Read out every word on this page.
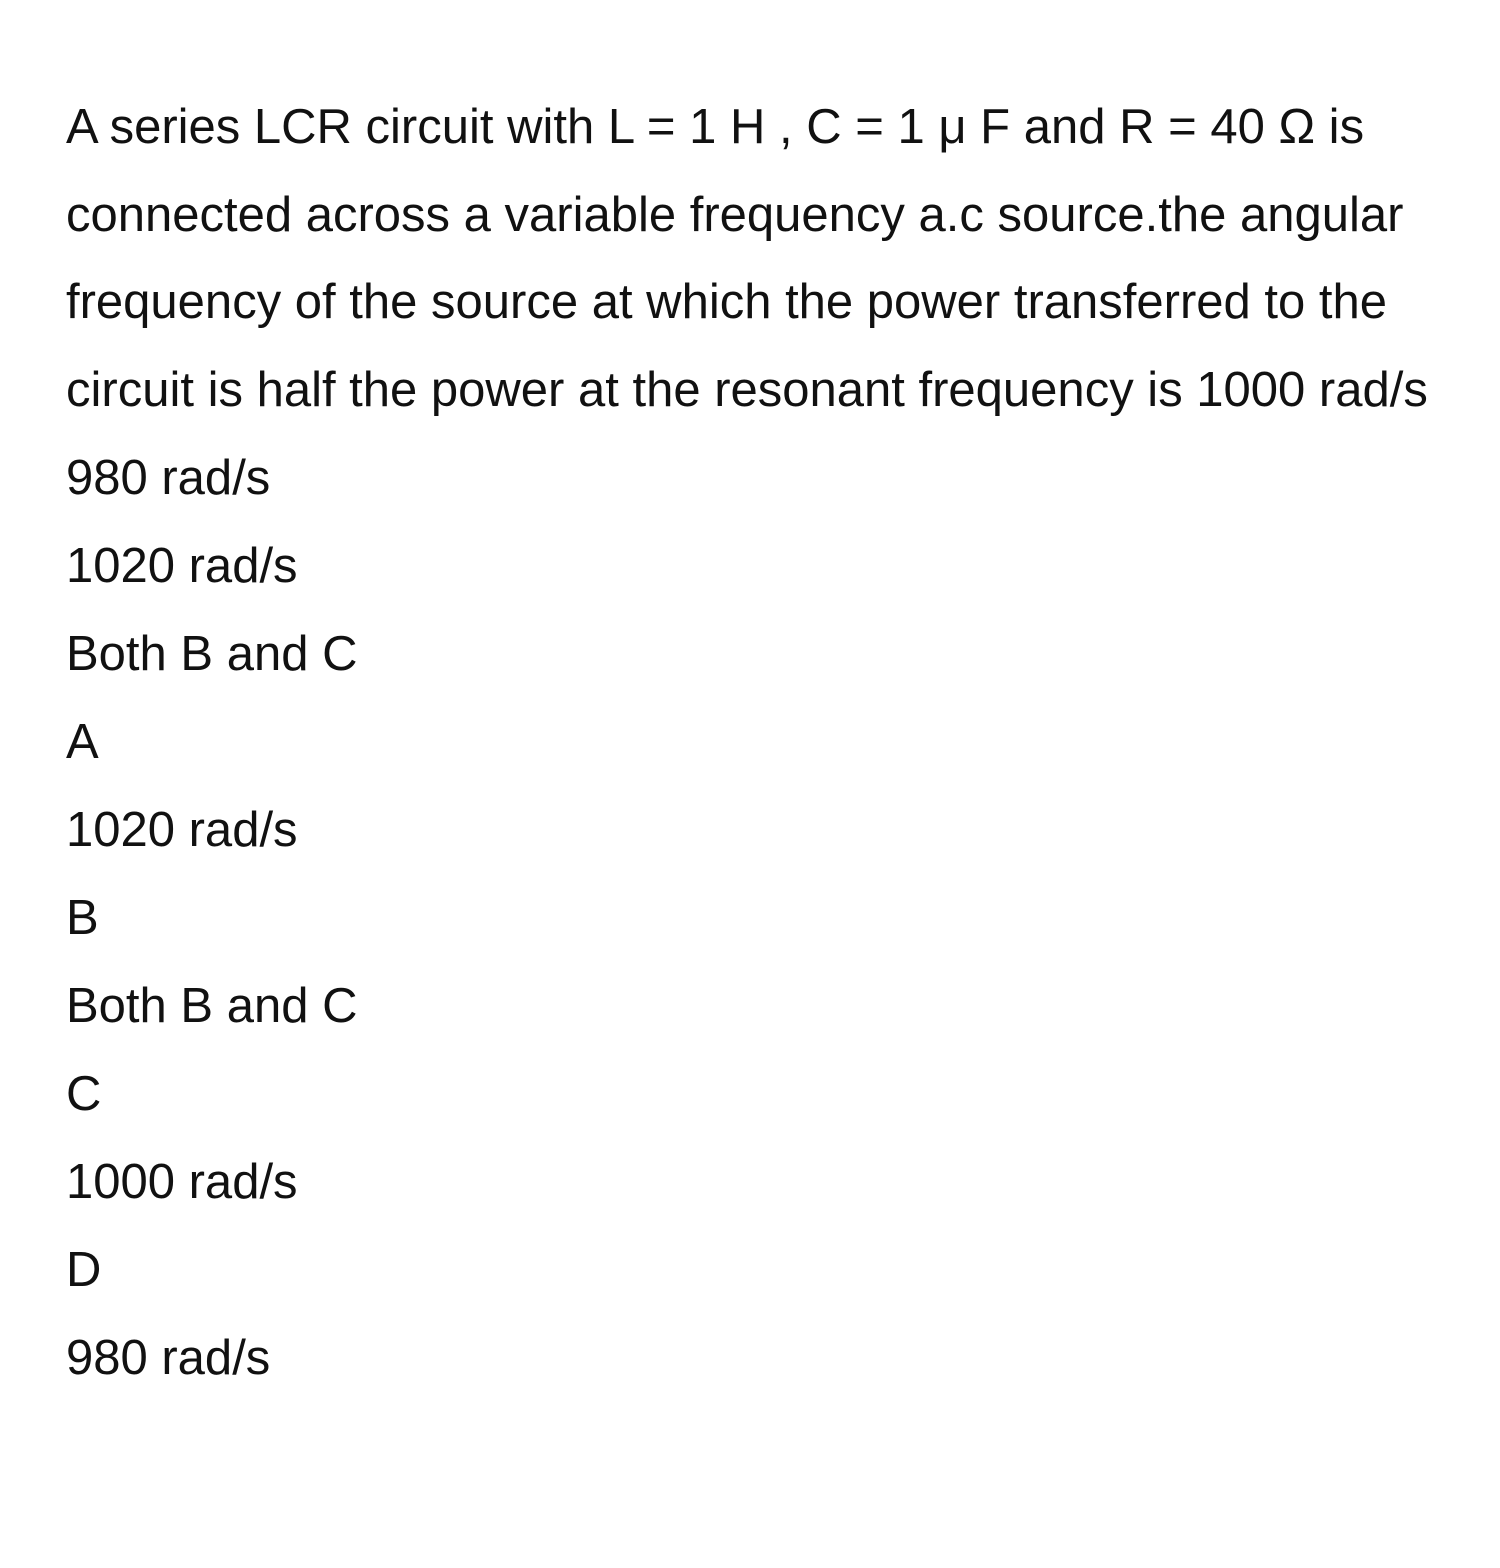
A series LCR circuit with L = 1 H , C = 1 μ F and R = 40 Ω is connected across a variable frequency a.c source.the angular frequency of the source at which the power transferred to the circuit is half the power at the resonant frequency is 1000 rad/s

980 rad/s
1020 rad/s
Both B and C
A
1020 rad/s
B
Both B and C
C
1000 rad/s
D
980 rad/s
